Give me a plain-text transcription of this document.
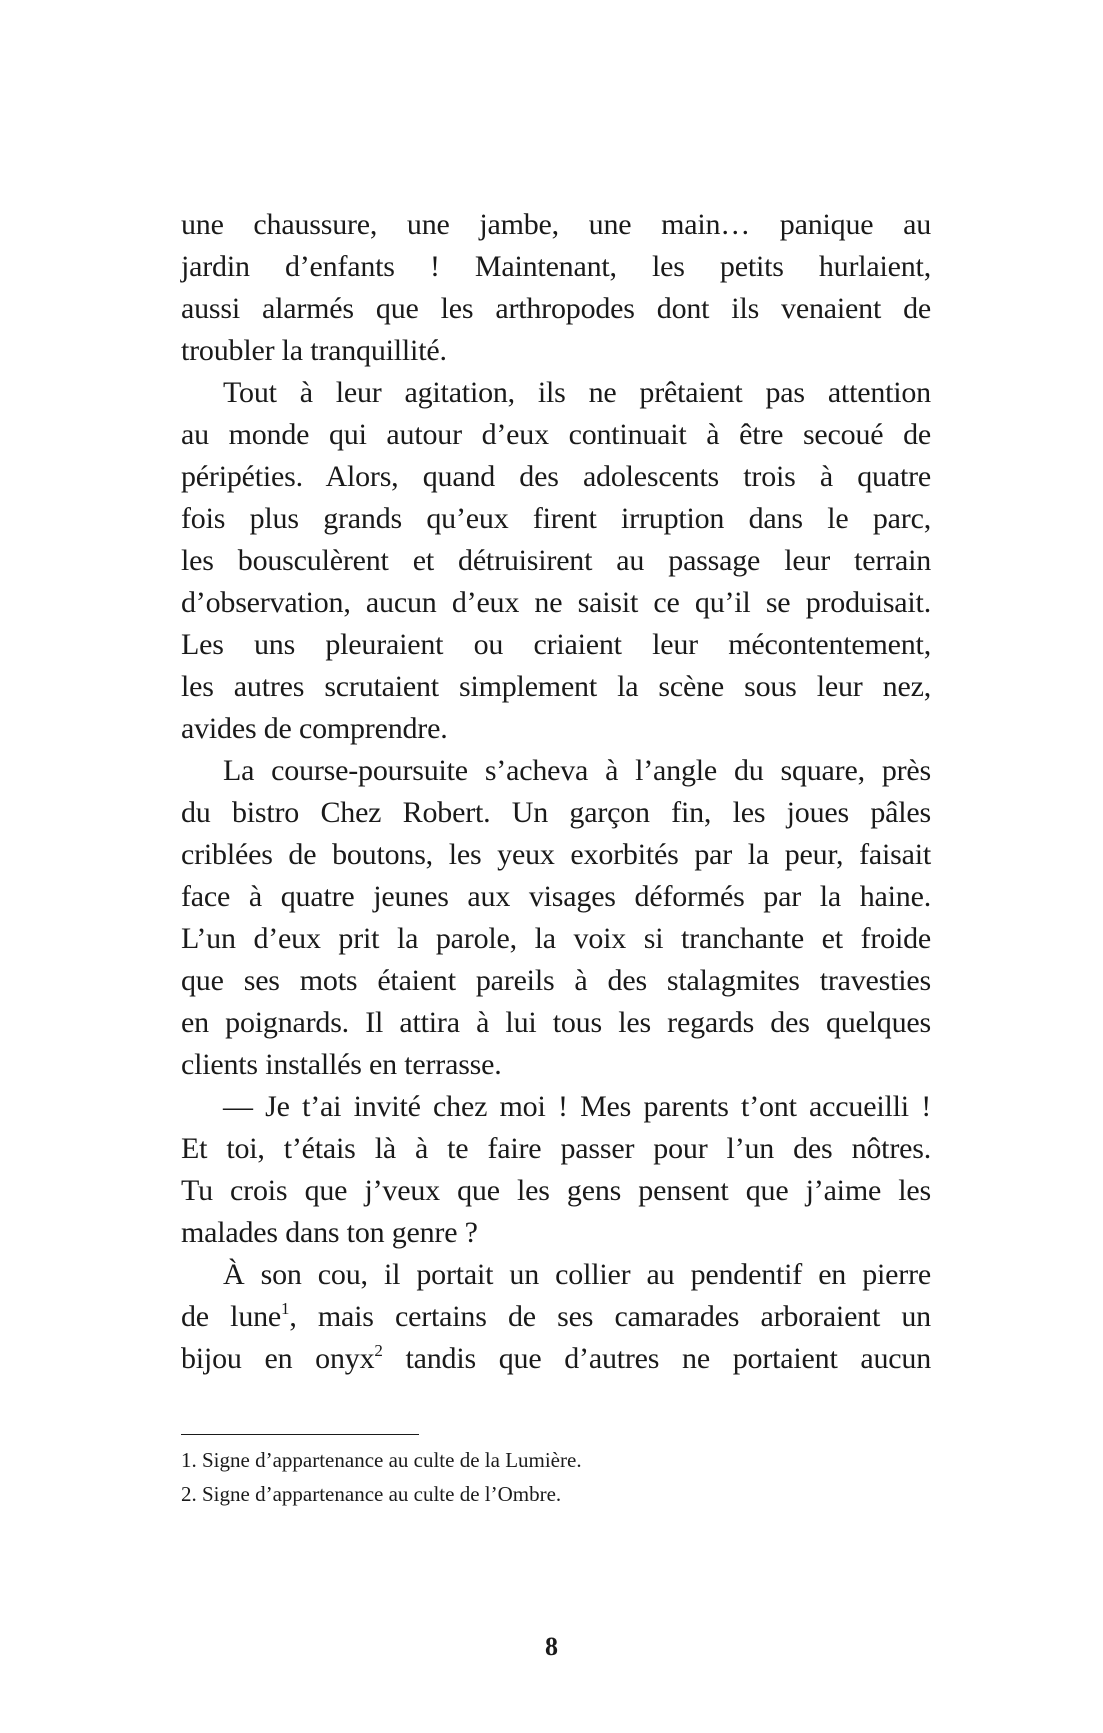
une chaussure, une jambe, une main… panique au
jardin d’enfants ! Maintenant, les petits hurlaient,
aussi alarmés que les arthropodes dont ils venaient de
troubler la tranquillité.
Tout à leur agitation, ils ne prêtaient pas attention
au monde qui autour d’eux continuait à être secoué de
péripéties. Alors, quand des adolescents trois à quatre
fois plus grands qu’eux firent irruption dans le parc,
les bousculèrent et détruisirent au passage leur terrain
d’observation, aucun d’eux ne saisit ce qu’il se produisait.
Les uns pleuraient ou criaient leur mécontentement,
les autres scrutaient simplement la scène sous leur nez,
avides de comprendre.
La course-poursuite s’acheva à l’angle du square, près
du bistro Chez Robert. Un garçon fin, les joues pâles
criblées de boutons, les yeux exorbités par la peur, faisait
face à quatre jeunes aux visages déformés par la haine.
L’un d’eux prit la parole, la voix si tranchante et froide
que ses mots étaient pareils à des stalagmites travesties
en poignards. Il attira à lui tous les regards des quelques
clients installés en terrasse.
— Je t’ai invité chez moi ! Mes parents t’ont accueilli !
Et toi, t’étais là à te faire passer pour l’un des nôtres.
Tu crois que j’veux que les gens pensent que j’aime les
malades dans ton genre ?
À son cou, il portait un collier au pendentif en pierre
de lune$^1$, mais certains de ses camarades arboraient un
bijou en onyx$^2$ tandis que d’autres ne portaient aucun
1. Signe d’appartenance au culte de la Lumière.
2. Signe d’appartenance au culte de l’Ombre.
8
